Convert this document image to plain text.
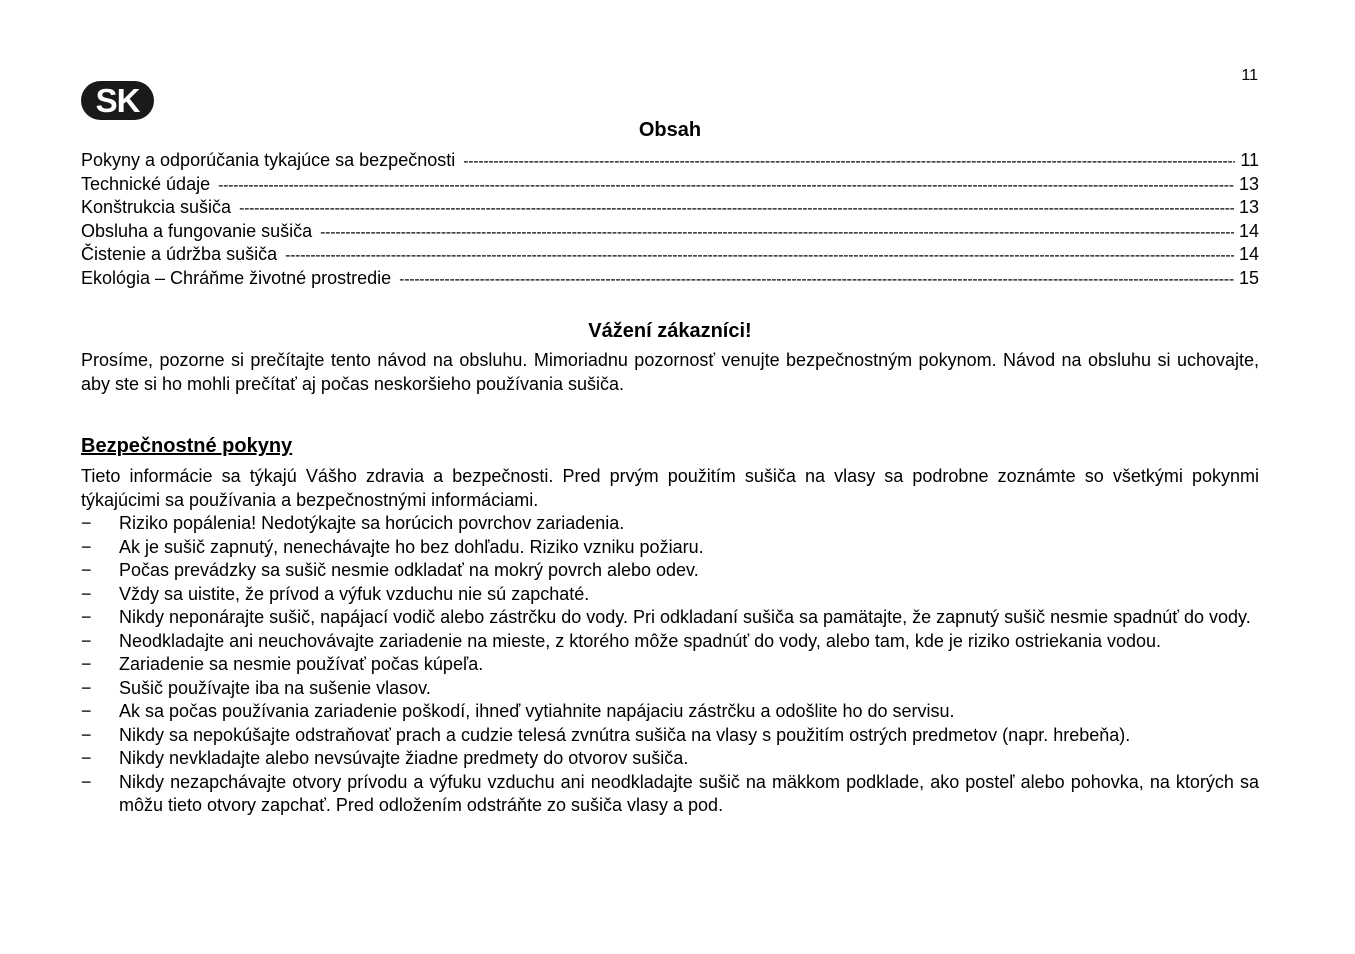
11
SK
Obsah
Pokyny a odporúčania tykajúce sa bezpečnosti -----	11
Technické údaje -----	13
Konštrukcia sušiča -----	13
Obsluha a fungovanie sušiča -----	14
Čistenie a údržba sušiča -----	14
Ekológia – Chráňme životné prostredie -----	15
Vážení zákazníci!

Prosíme, pozorne si prečítajte tento návod na obsluhu. Mimoriadnu pozornosť venujte bezpečnostným pokynom. Návod na obsluhu si uchovajte, aby ste si ho mohli prečítať aj počas neskoršieho používania sušiča.

Bezpečnostné pokyny

Tieto informácie sa týkajú Vášho zdravia a bezpečnosti. Pred prvým použitím sušiča na vlasy sa podrobne zoznámte so všetkými pokynmi týkajúcimi sa používania a bezpečnostnými informáciami.

−	Riziko popálenia! Nedotýkajte sa horúcich povrchov zariadenia.
−	Ak je sušič zapnutý, nenechávajte ho bez dohľadu. Riziko vzniku požiaru.
−	Počas prevádzky sa sušič nesmie odkladať na mokrý povrch alebo odev.
−	Vždy sa uistite, že prívod a výfuk vzduchu nie sú zapchaté.
−	Nikdy neponárajte sušič, napájací vodič alebo zástrčku do vody. Pri odkladaní sušiča sa pamätajte, že zapnutý sušič nesmie spadnúť do vody.
−	Neodkladajte ani neuchovávajte zariadenie na mieste, z ktorého môže spadnúť do vody, alebo tam, kde je riziko ostriekania vodou.
−	Zariadenie sa nesmie používať počas kúpeľa.
−	Sušič používajte iba na sušenie vlasov.
−	Ak sa počas používania zariadenie poškodí, ihneď vytiahnite napájaciu zástrčku a odošlite ho do servisu.
−	Nikdy sa nepokúšajte odstraňovať prach a cudzie telesá zvnútra sušiča na vlasy s použitím ostrých predmetov (napr. hrebeňa).
−	Nikdy nevkladajte alebo nevsúvajte žiadne predmety do otvorov sušiča.
−	Nikdy nezapchávajte otvory prívodu a výfuku vzduchu ani neodkladajte sušič na mäkkom podklade, ako posteľ alebo pohovka, na ktorých sa môžu tieto otvory zapchať. Pred odložením odstráňte zo sušiča vlasy a pod.
